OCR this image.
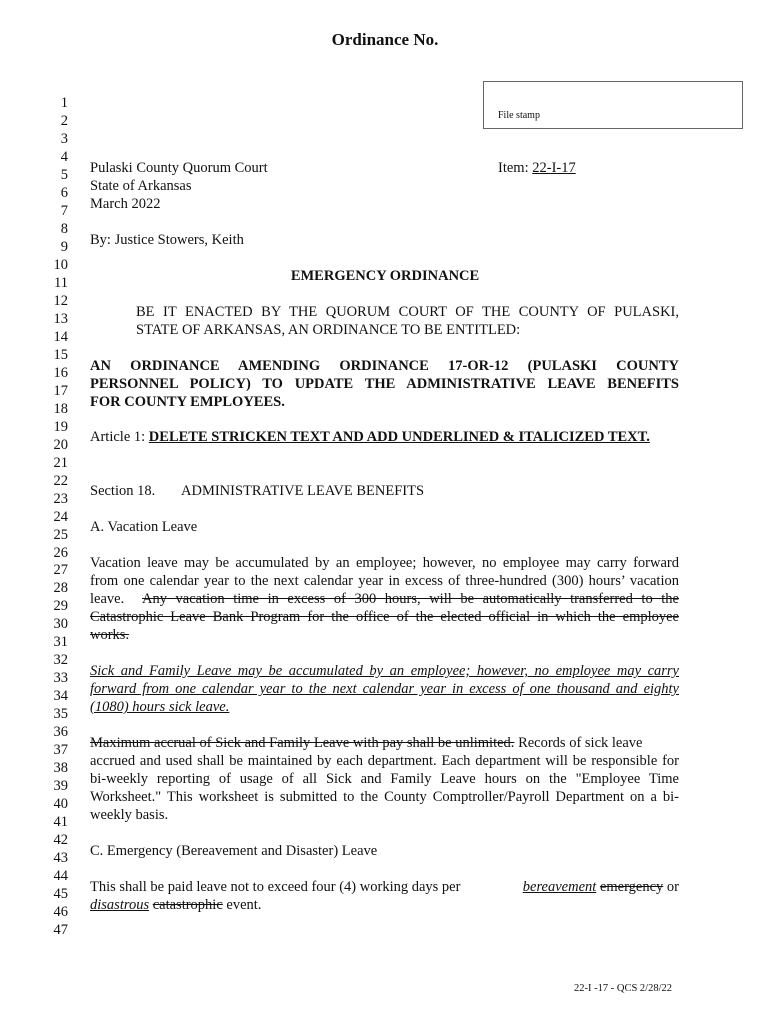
Ordinance No.
File stamp
1
2
3
4
5
6
7
8
9
10
11
12
13
14
15
16
17
18
19
20
21
22
23
24
25
26
27
28
29
30
31
32
33
34
35
36
37
38
39
40
41
42
43
44
45
46
47
Pulaski County Quorum Court
State of Arkansas
March 2022
Item: 22-I-17
By: Justice Stowers, Keith
EMERGENCY ORDINANCE
BE IT ENACTED BY THE QUORUM COURT OF THE COUNTY OF PULASKI,
STATE OF ARKANSAS, AN ORDINANCE TO BE ENTITLED:
AN ORDINANCE AMENDING ORDINANCE 17-OR-12 (PULASKI COUNTY
PERSONNEL POLICY) TO UPDATE THE ADMINISTRATIVE LEAVE BENEFITS
FOR COUNTY EMPLOYEES.
Article 1: DELETE STRICKEN TEXT AND ADD UNDERLINED & ITALICIZED TEXT.
Section 18. ADMINISTRATIVE LEAVE BENEFITS
A. Vacation Leave
Vacation leave may be accumulated by an employee; however, no employee may carry forward
from one calendar year to the next calendar year in excess of three-hundred (300) hours’ vacation
leave. Any vacation time in excess of 300 hours, will be automatically transferred to the
Catastrophic Leave Bank Program for the office of the elected official in which the employee
works.
Sick and Family Leave may be accumulated by an employee; however, no employee may carry
forward from one calendar year to the next calendar year in excess of one thousand and eighty
(1080) hours sick leave.
Maximum accrual of Sick and Family Leave with pay shall be unlimited. Records of sick leave
accrued and used shall be maintained by each department. Each department will be responsible for
bi-weekly reporting of usage of all Sick and Family Leave hours on the "Employee Time
Worksheet." This worksheet is submitted to the County Comptroller/Payroll Department on a bi-
weekly basis.
C. Emergency (Bereavement and Disaster) Leave
This shall be paid leave not to exceed four (4) working days per	bereavement
emergency or
disastrous catastrophic event.
22-I -17 - QCS 2/28/22
